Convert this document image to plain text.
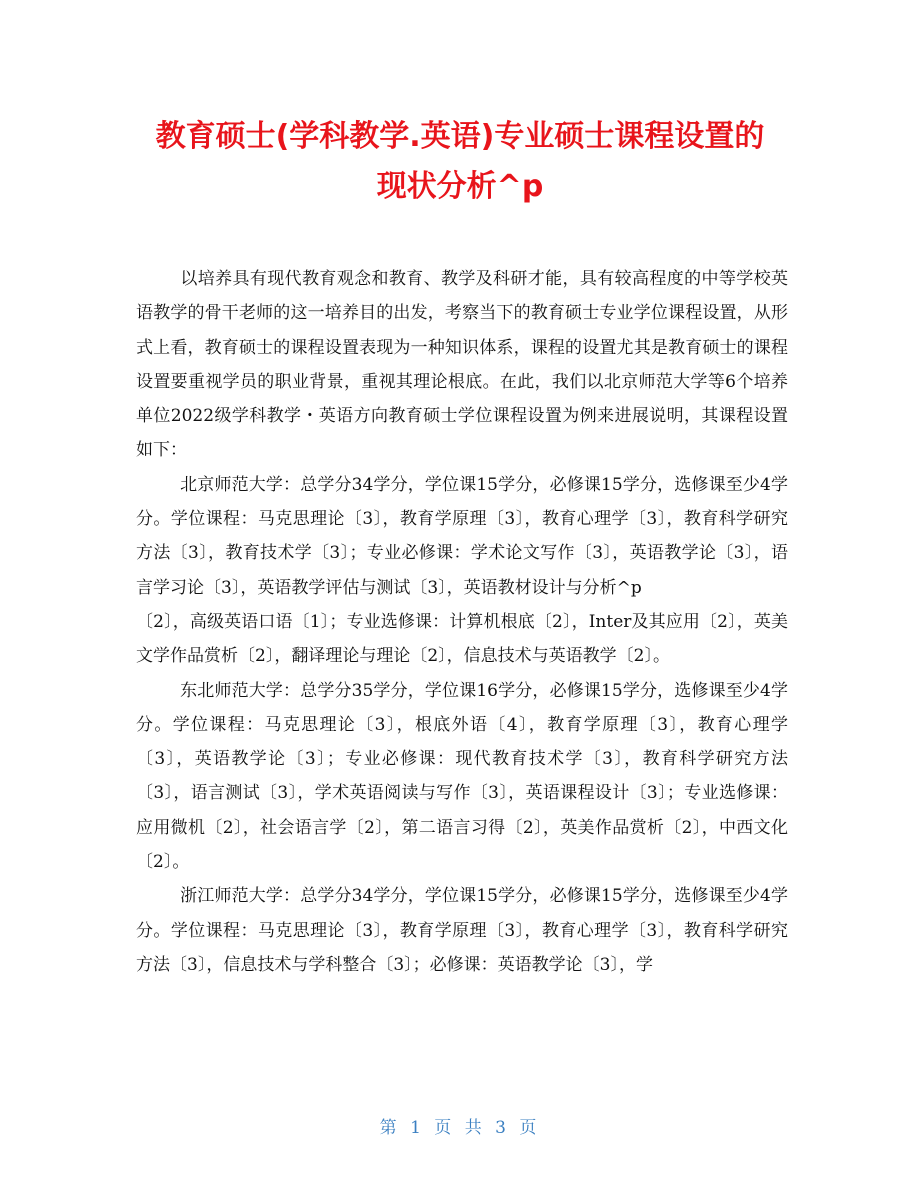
教育硕士(学科教学.英语)专业硕士课程设置的
现状分析^p

以培养具有现代教育观念和教育、教学及科研才能，具有较高程度的中等学校英语教学的骨干老师的这一培养目的出发，考察当下的教育硕士专业学位课程设置，从形式上看，教育硕士的课程设置表现为一种知识体系，课程的设置尤其是教育硕士的课程设置要重视学员的职业背景，重视其理论根底。在此，我们以北京师范大学等6个培养单位2022级学科教学・英语方向教育硕士学位课程设置为例来进展说明，其课程设置如下：

北京师范大学：总学分34学分，学位课15学分，必修课15学分，选修课至少4学分。学位课程：马克思理论〔3〕，教育学原理〔3〕，教育心理学〔3〕，教育科学研究方法〔3〕，教育技术学〔3〕；专业必修课：学术论文写作〔3〕，英语教学论〔3〕，语言学习论〔3〕，英语教学评估与测试〔3〕，英语教材设计与分析^p

〔2〕，高级英语口语〔1〕；专业选修课：计算机根底〔2〕，Inter及其应用〔2〕，英美文学作品赏析〔2〕，翻译理论与理论〔2〕，信息技术与英语教学〔2〕。

东北师范大学：总学分35学分，学位课16学分，必修课15学分，选修课至少4学分。学位课程：马克思理论〔3〕，根底外语〔4〕，教育学原理〔3〕，教育心理学〔3〕，英语教学论〔3〕；专业必修课：现代教育技术学〔3〕，教育科学研究方法〔3〕，语言测试〔3〕，学术英语阅读与写作〔3〕，英语课程设计〔3〕；专业选修课：应用微机〔2〕，社会语言学〔2〕，第二语言习得〔2〕，英美作品赏析〔2〕，中西文化〔2〕。

浙江师范大学：总学分34学分，学位课15学分，必修课15学分，选修课至少4学分。学位课程：马克思理论〔3〕，教育学原理〔3〕，教育心理学〔3〕，教育科学研究方法〔3〕，信息技术与学科整合〔3〕；必修课：英语教学论〔3〕，学

第 1 页 共 3 页
